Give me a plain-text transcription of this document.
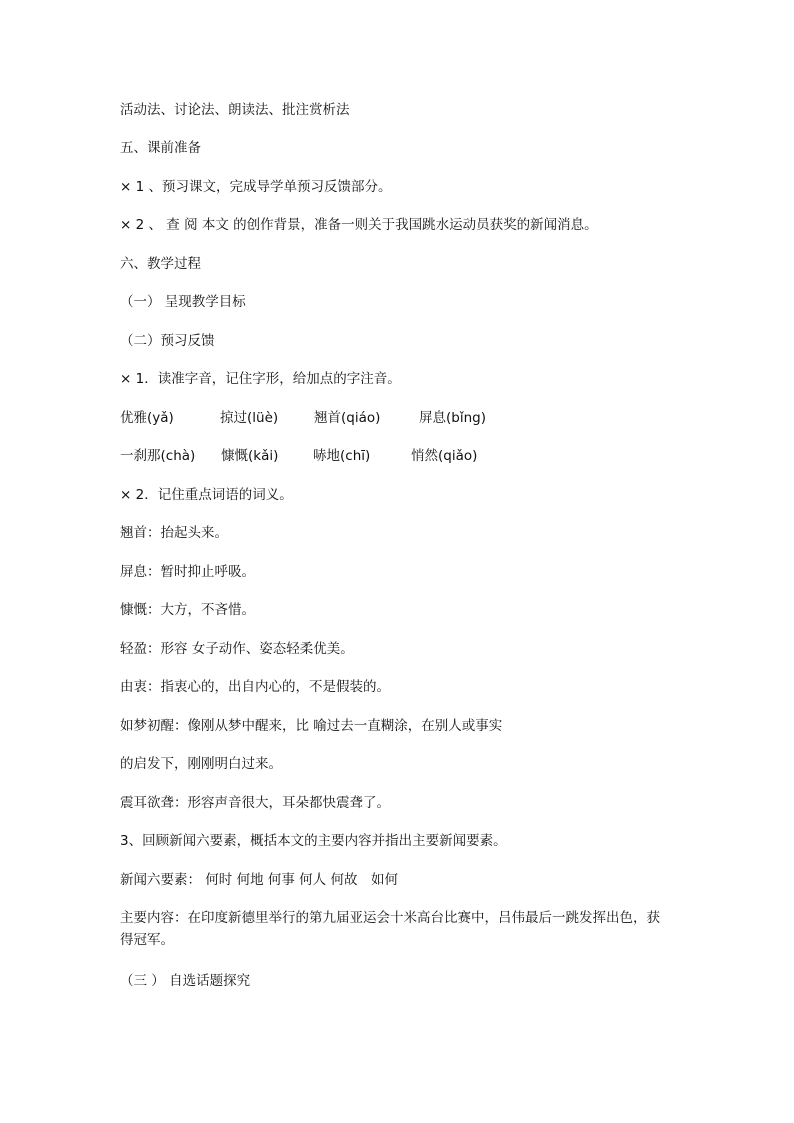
活动法、讨论法、朗读法、批注赏析法
五、课前准备
× 1 、预习课文，完成导学单预习反馈部分。
× 2 、 查 阅 本文 的创作背景，准备一则关于我国跳水运动员获奖的新闻消息。
六、教学过程
（一） 呈现教学目标
（二）预习反馈
× 1．读准字音，记住字形，给加点的字注音。
优雅(yǎ)	掠过(lüè)	翘首(qiáo)	屏息(bǐng)
一刹那(chà) 慷慨(kǎi)	哧地(chī)	悄然(qiǎo)
× 2．记住重点词语的词义。
翘首：抬起头来。
屏息：暂时抑止呼吸。
慷慨：大方，不吝惜。
轻盈：形容 女子动作、姿态轻柔优美。
由衷：指衷心的，出自内心的，不是假装的。
如梦初醒：像刚从梦中醒来，比 喻过去一直糊涂，在别人或事实
的启发下，刚刚明白过来。
震耳欲聋：形容声音很大，耳朵都快震聋了。
3、回顾新闻六要素，概括本文的主要内容并指出主要新闻要素。
新闻六要素： 何时 何地 何事 何人 何故　如何
主要内容：在印度新德里举行的第九届亚运会十米高台比赛中，吕伟最后一跳发挥出色，获得冠军。
（三 ） 自选话题探究
